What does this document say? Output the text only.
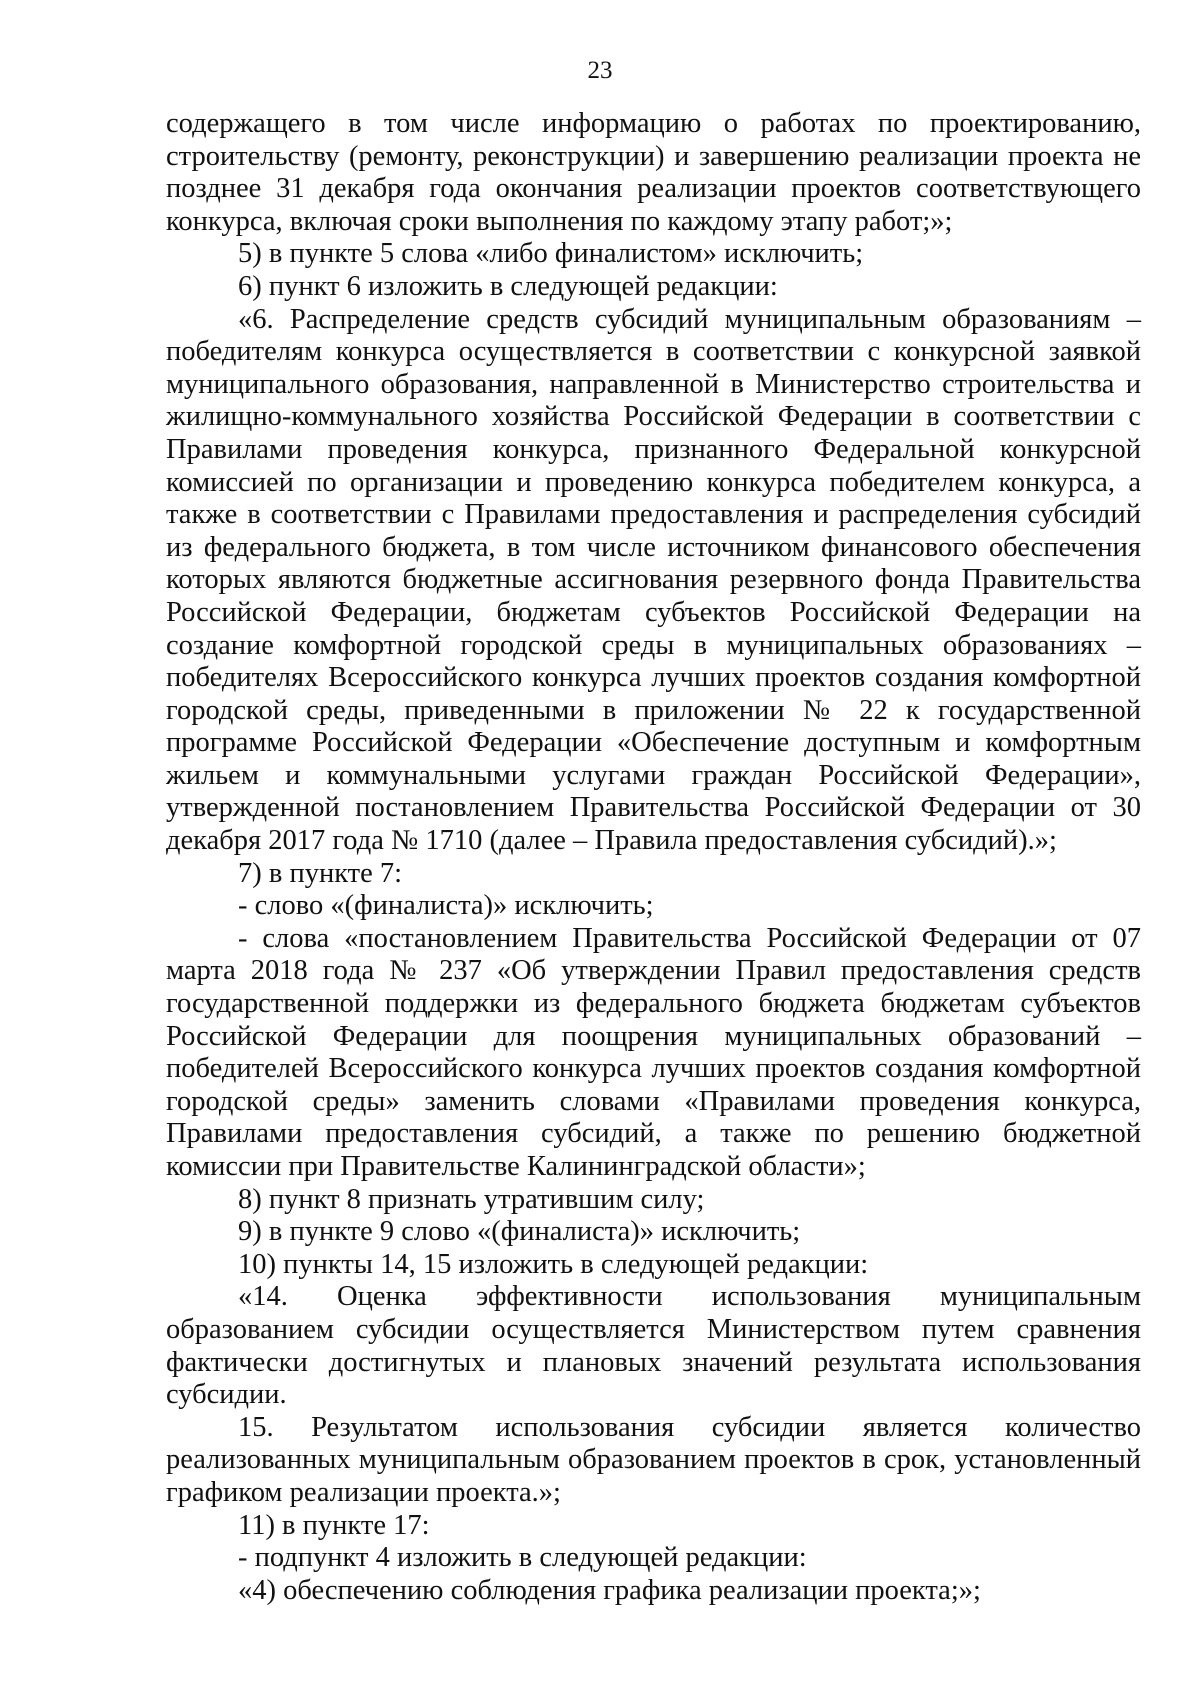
23

содержащего в том числе информацию о работах по проектированию, строительству (ремонту, реконструкции) и завершению реализации проекта не позднее 31 декабря года окончания реализации проектов соответствующего конкурса, включая сроки выполнения по каждому этапу работ;»;

5) в пункте 5 слова «либо финалистом» исключить;

6) пункт 6 изложить в следующей редакции:

«6. Распределение средств субсидий муниципальным образованиям – победителям конкурса осуществляется в соответствии с конкурсной заявкой муниципального образования, направленной в Министерство строительства и жилищно-коммунального хозяйства Российской Федерации в соответствии с Правилами проведения конкурса, признанного Федеральной конкурсной комиссией по организации и проведению конкурса победителем конкурса, а также в соответствии с Правилами предоставления и распределения субсидий из федерального бюджета, в том числе источником финансового обеспечения которых являются бюджетные ассигнования резервного фонда Правительства Российской Федерации, бюджетам субъектов Российской Федерации на создание комфортной городской среды в муниципальных образованиях – победителях Всероссийского конкурса лучших проектов создания комфортной городской среды, приведенными в приложении № 22 к государственной программе Российской Федерации «Обеспечение доступным и комфортным жильем и коммунальными услугами граждан Российской Федерации», утвержденной постановлением Правительства Российской Федерации от 30 декабря 2017 года № 1710 (далее – Правила предоставления субсидий).»;

7) в пункте 7:

- слово «(финалиста)» исключить;

- слова «постановлением Правительства Российской Федерации от 07 марта 2018 года № 237 «Об утверждении Правил предоставления средств государственной поддержки из федерального бюджета бюджетам субъектов Российской Федерации для поощрения муниципальных образований – победителей Всероссийского конкурса лучших проектов создания комфортной городской среды» заменить словами «Правилами проведения конкурса, Правилами предоставления субсидий, а также по решению бюджетной комиссии при Правительстве Калининградской области»;

8) пункт 8 признать утратившим силу;

9) в пункте 9 слово «(финалиста)» исключить;

10) пункты 14, 15 изложить в следующей редакции:

«14. Оценка эффективности использования муниципальным образованием субсидии осуществляется Министерством путем сравнения фактически достигнутых и плановых значений результата использования субсидии.

15. Результатом использования субсидии является количество реализованных муниципальным образованием проектов в срок, установленный графиком реализации проекта.»;

11) в пункте 17:

- подпункт 4 изложить в следующей редакции:

«4) обеспечению соблюдения графика реализации проекта;»;
